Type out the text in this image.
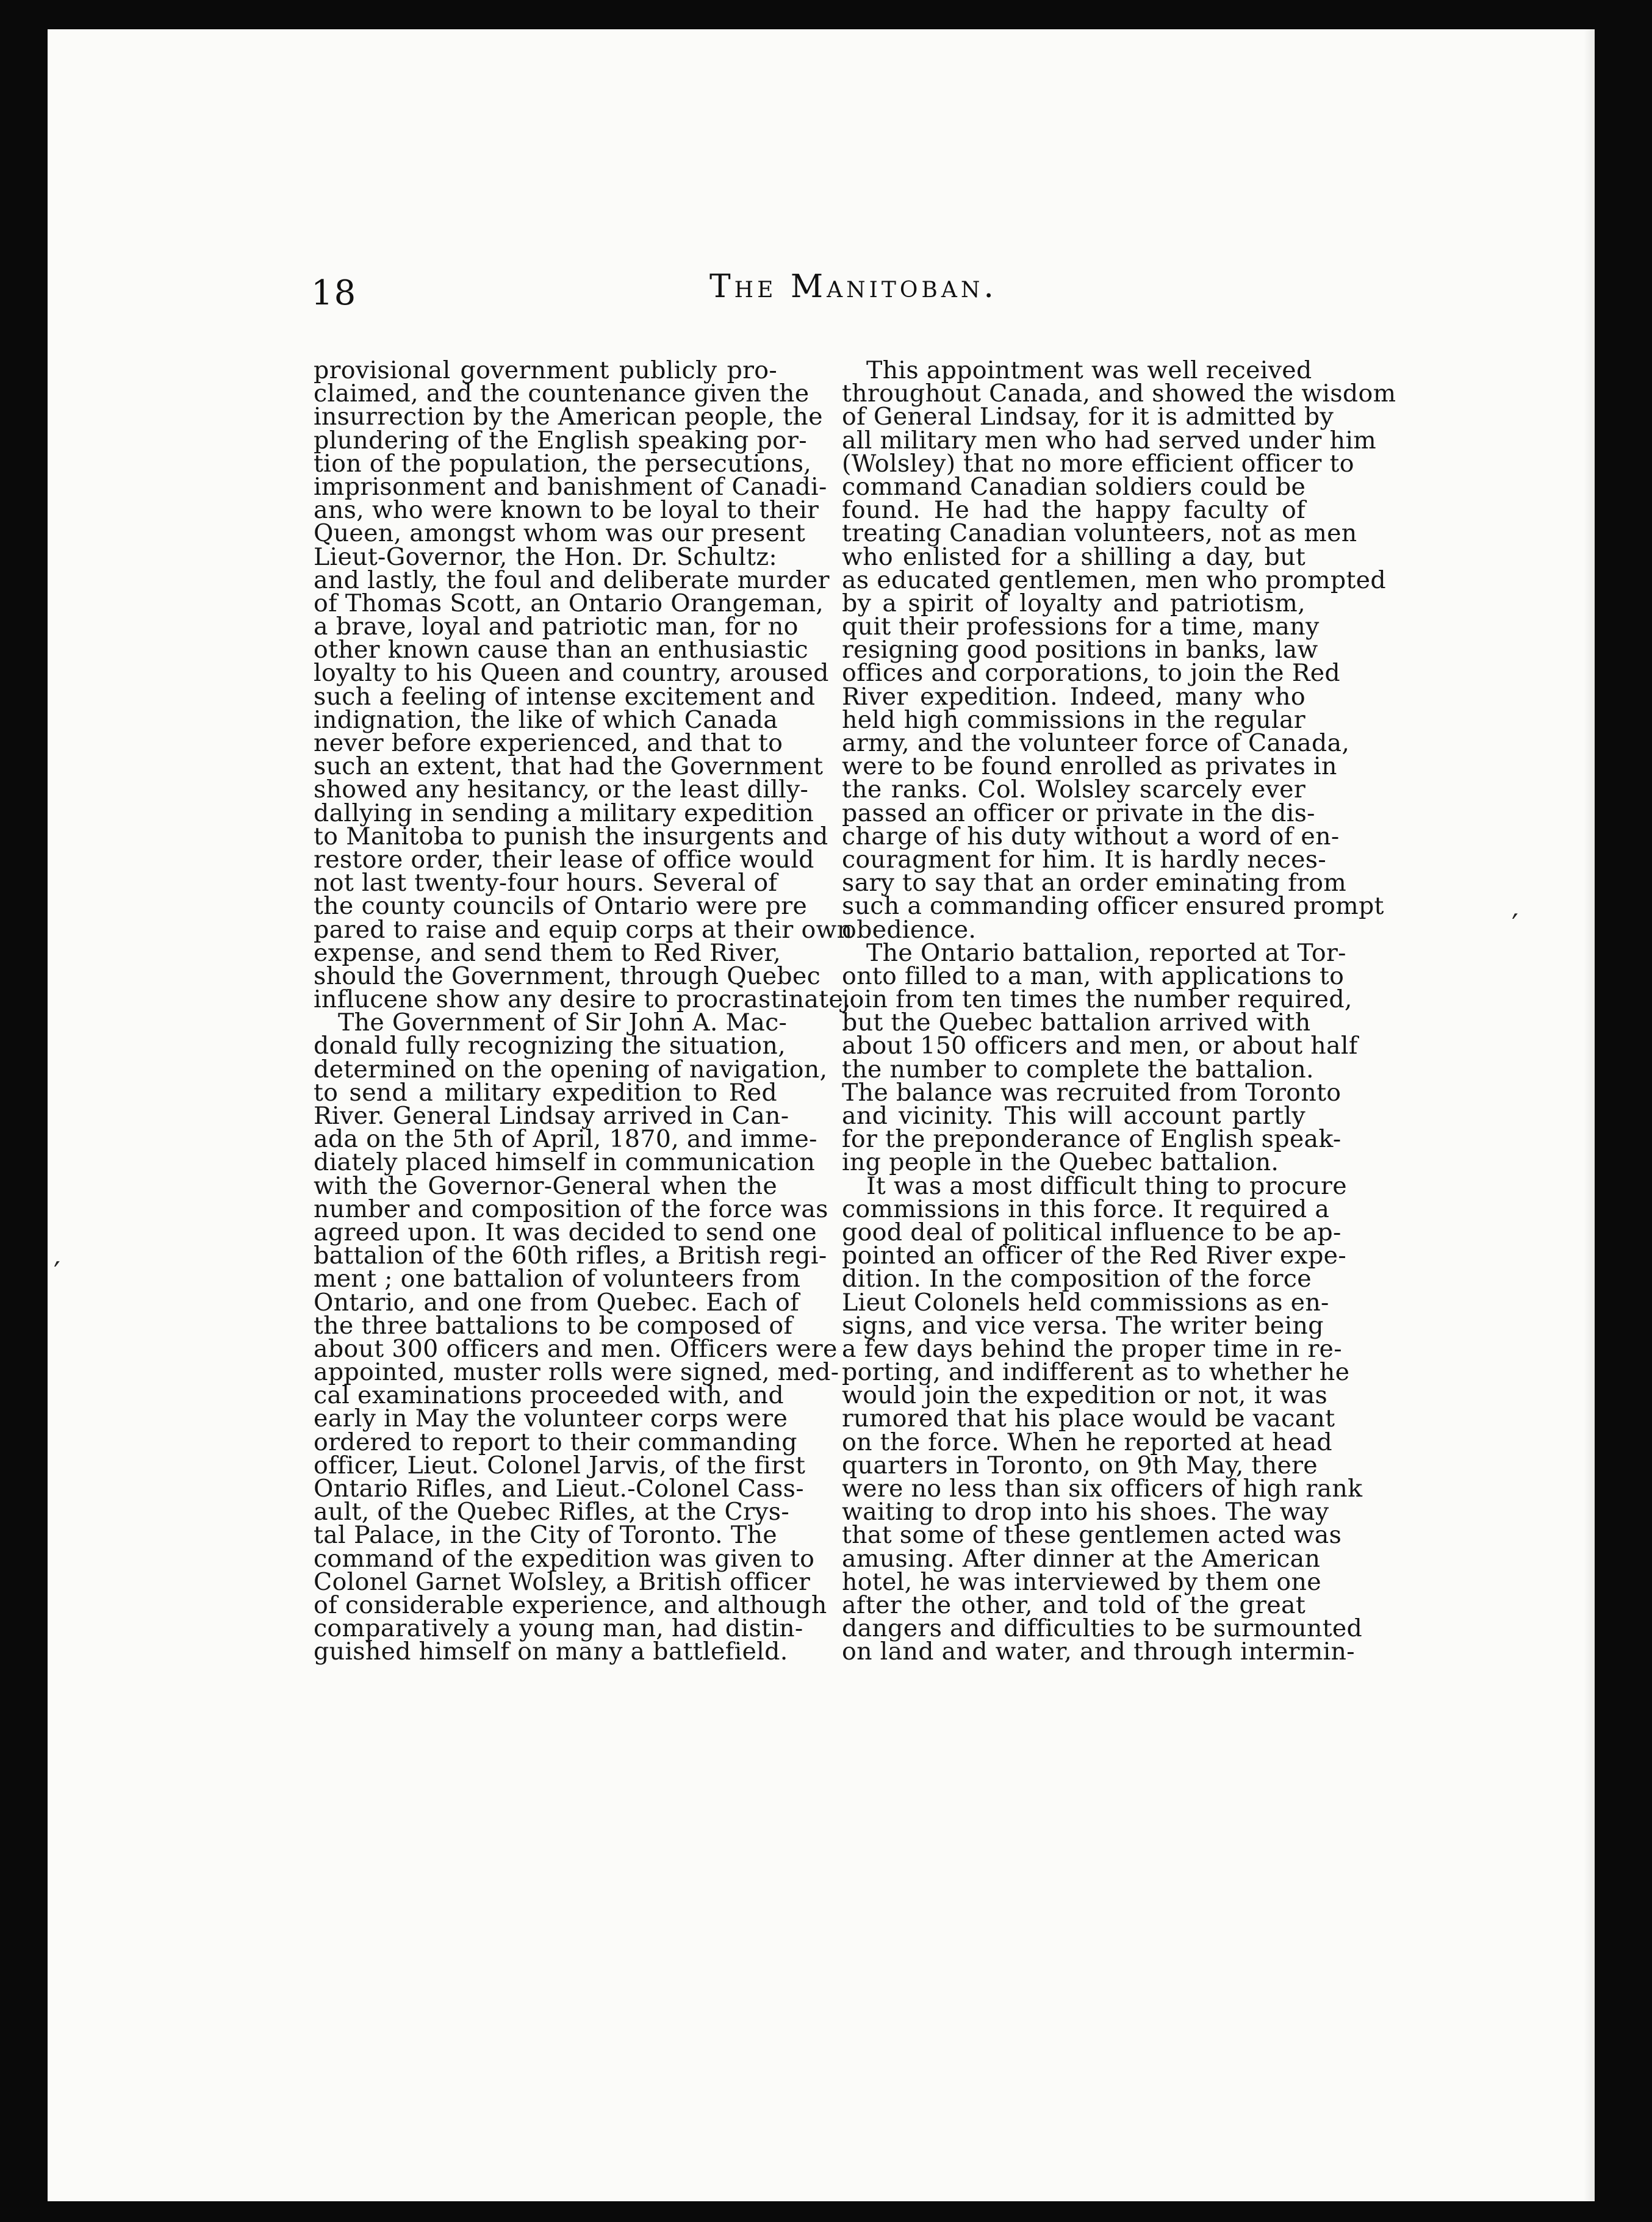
18	The Manitoban.
provisional government publicly pro-
claimed, and the countenance given the
insurrection by the American people, the
plundering of the English speaking por-
tion of the population, the persecutions,
imprisonment and banishment of Canadi-
ans, who were known to be loyal to their
Queen, amongst whom was our present
Lieut-Governor, the Hon. Dr. Schultz:
and lastly, the foul and deliberate murder
of Thomas Scott, an Ontario Orangeman,
a brave, loyal and patriotic man, for no
other known cause than an enthusiastic
loyalty to his Queen and country, aroused
such a feeling of intense excitement and
indignation, the like of which Canada
never before experienced, and that to
such an extent, that had the Government
showed any hesitancy, or the least dilly-
dallying in sending a military expedition
to Manitoba to punish the insurgents and
restore order, their lease of office would
not last twenty-four hours. Several of
the county councils of Ontario were pre
pared to raise and equip corps at their own
expense, and send them to Red River,
should the Government, through Quebec
influcene show any desire to procrastinate.
The Government of Sir John A. Mac-
donald fully recognizing the situation,
determined on the opening of navigation,
to send a military expedition to Red
River. General Lindsay arrived in Can-
ada on the 5th of April, 1870, and imme-
diately placed himself in communication
with the Governor-General when the
number and composition of the force was
agreed upon. It was decided to send one
battalion of the 60th rifles, a British regi-
ment ; one battalion of volunteers from
Ontario, and one from Quebec. Each of
the three battalions to be composed of
about 300 officers and men. Officers were
appointed, muster rolls were signed, med-
cal examinations proceeded with, and
early in May the volunteer corps were
ordered to report to their commanding
officer, Lieut. Colonel Jarvis, of the first
Ontario Rifles, and Lieut.-Colonel Cass-
ault, of the Quebec Rifles, at the Crys-
tal Palace, in the City of Toronto. The
command of the expedition was given to
Colonel Garnet Wolsley, a British officer
of considerable experience, and although
comparatively a young man, had distin-
guished himself on many a battlefield.
This appointment was well received
throughout Canada, and showed the wisdom
of General Lindsay, for it is admitted by
all military men who had served under him
(Wolsley) that no more efficient officer to
command Canadian soldiers could be
found. He had the happy faculty of
treating Canadian volunteers, not as men
who enlisted for a shilling a day, but
as educated gentlemen, men who prompted
by a spirit of loyalty and patriotism,
quit their professions for a time, many
resigning good positions in banks, law
offices and corporations, to join the Red
River expedition. Indeed, many who
held high commissions in the regular
army, and the volunteer force of Canada,
were to be found enrolled as privates in
the ranks. Col. Wolsley scarcely ever
passed an officer or private in the dis-
charge of his duty without a word of en-
couragment for him. It is hardly neces-
sary to say that an order eminating from
such a commanding officer ensured prompt
obedience.
The Ontario battalion, reported at Tor-
onto filled to a man, with applications to
join from ten times the number required,
but the Quebec battalion arrived with
about 150 officers and men, or about half
the number to complete the battalion.
The balance was recruited from Toronto
and vicinity. This will account partly
for the preponderance of English speak-
ing people in the Quebec battalion.
It was a most difficult thing to procure
commissions in this force. It required a
good deal of political influence to be ap-
pointed an officer of the Red River expe-
dition. In the composition of the force
Lieut Colonels held commissions as en-
signs, and vice versa. The writer being
a few days behind the proper time in re-
porting, and indifferent as to whether he
would join the expedition or not, it was
rumored that his place would be vacant
on the force. When he reported at head
quarters in Toronto, on 9th May, there
were no less than six officers of high rank
waiting to drop into his shoes. The way
that some of these gentlemen acted was
amusing. After dinner at the American
hotel, he was interviewed by them one
after the other, and told of the great
dangers and difficulties to be surmounted
on land and water, and through intermin-
′
′
